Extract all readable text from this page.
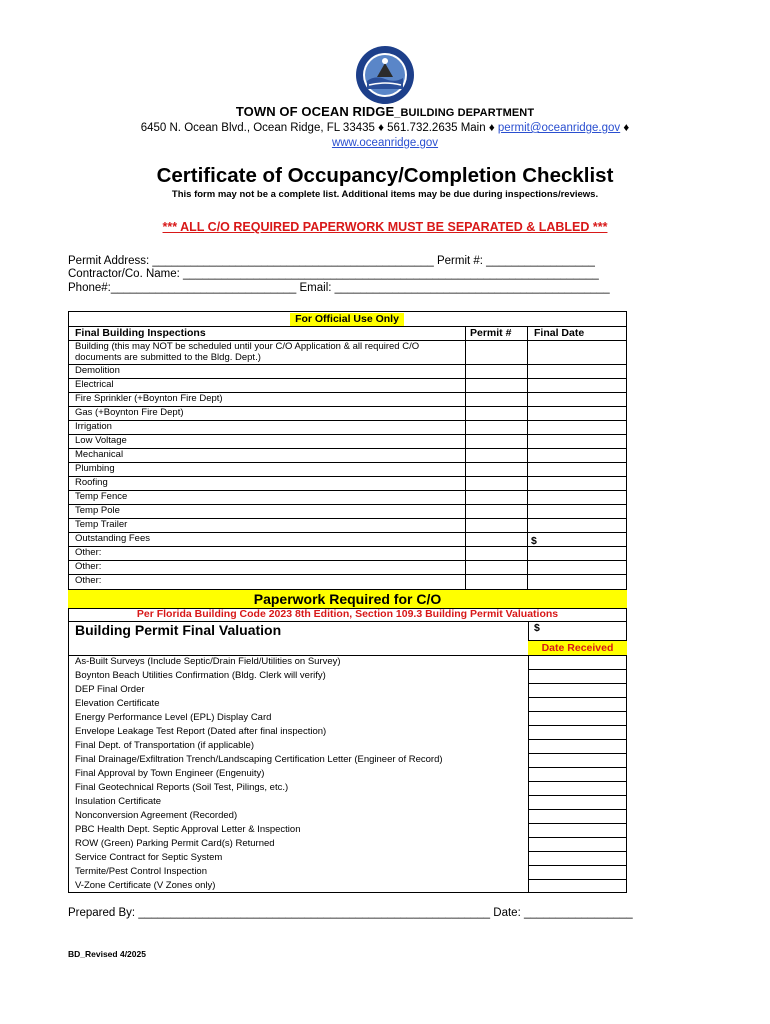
TOWN OF OCEAN RIDGE_BUILDING DEPARTMENT
6450 N. Ocean Blvd., Ocean Ridge, FL 33435 ♦ 561.732.2635 Main ♦ permit@oceanridge.gov ♦
www.oceanridge.gov
Certificate of Occupancy/Completion Checklist
This form may not be a complete list. Additional items may be due during inspections/reviews.
*** ALL C/O REQUIRED PAPERWORK MUST BE SEPARATED & LABLED ***
Permit Address: ____________________________________________ Permit #: _________________
Contractor/Co. Name: _________________________________________________________________
Phone#:_____________________________ Email: ___________________________________________
For Official Use Only
Final Building Inspections	Permit # Final Date
Building (this may NOT be scheduled until your C/O Application & all required C/O
documents are submitted to the Bldg. Dept.)
Demolition
Electrical
Fire Sprinkler (+Boynton Fire Dept)
Gas (+Boynton Fire Dept)
Irrigation
Low Voltage
Mechanical
Plumbing
Roofing
Temp Fence
Temp Pole
Temp Trailer
Outstanding Fees
Other:
Other:
Other:
$
Paperwork Required for C/O
Per Florida Building Code 2023 8th Edition, Section 109.3 Building Permit Valuations
Building Permit Final Valuation	$
Date Received
As-Built Surveys (Include Septic/Drain Field/Utilities on Survey)
Boynton Beach Utilities Confirmation (Bldg. Clerk will verify)
DEP Final Order
Elevation Certificate
Energy Performance Level (EPL) Display Card
Envelope Leakage Test Report (Dated after final inspection)
Final Dept. of Transportation (if applicable)
Final Drainage/Exfiltration Trench/Landscaping Certification Letter (Engineer of Record)
Final Approval by Town Engineer (Engenuity)
Final Geotechnical Reports (Soil Test, Pilings, etc.)
Insulation Certificate
Nonconversion Agreement (Recorded)
PBC Health Dept. Septic Approval Letter & Inspection
ROW (Green) Parking Permit Card(s) Returned
Service Contract for Septic System
Termite/Pest Control Inspection
V-Zone Certificate (V Zones only)
Prepared By: _______________________________________________________ Date: _________________
BD_Revised 4/2025
